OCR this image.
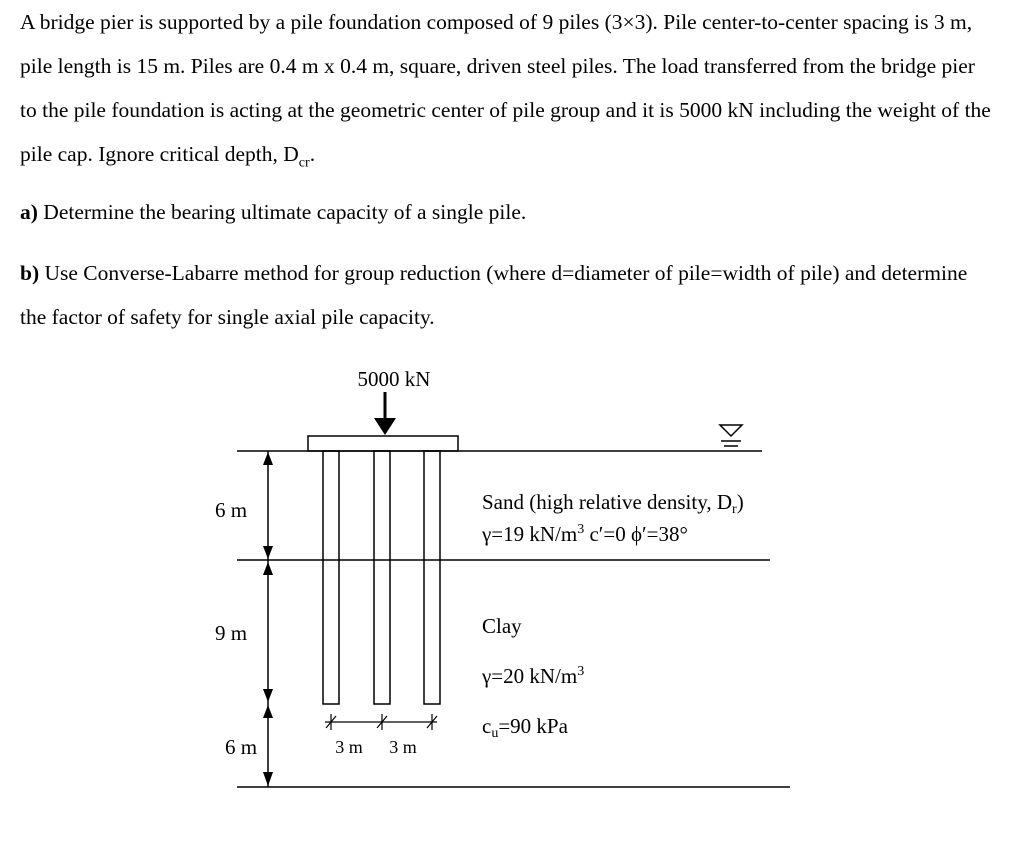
A bridge pier is supported by a pile foundation composed of 9 piles (3×3). Pile center-to-center spacing is 3 m, pile length is 15 m. Piles are 0.4 m x 0.4 m, square, driven steel piles. The load transferred from the bridge pier to the pile foundation is acting at the geometric center of pile group and it is 5000 kN including the weight of the pile cap. Ignore critical depth, $D_{cr}$.
a) Determine the bearing ultimate capacity of a single pile.
b) Use Converse-Labarre method for group reduction (where d=diameter of pile=width of pile) and determine the factor of safety for single axial pile capacity.
5000 kN
6 m
9 m
6 m	3 m 3 m
Sand (high relative density, Dr)
γ=19 $kN/m^3$ c′=0 ϕ′=38°
Clay
γ=20 $kN/m^3$
cu=90 kPa
